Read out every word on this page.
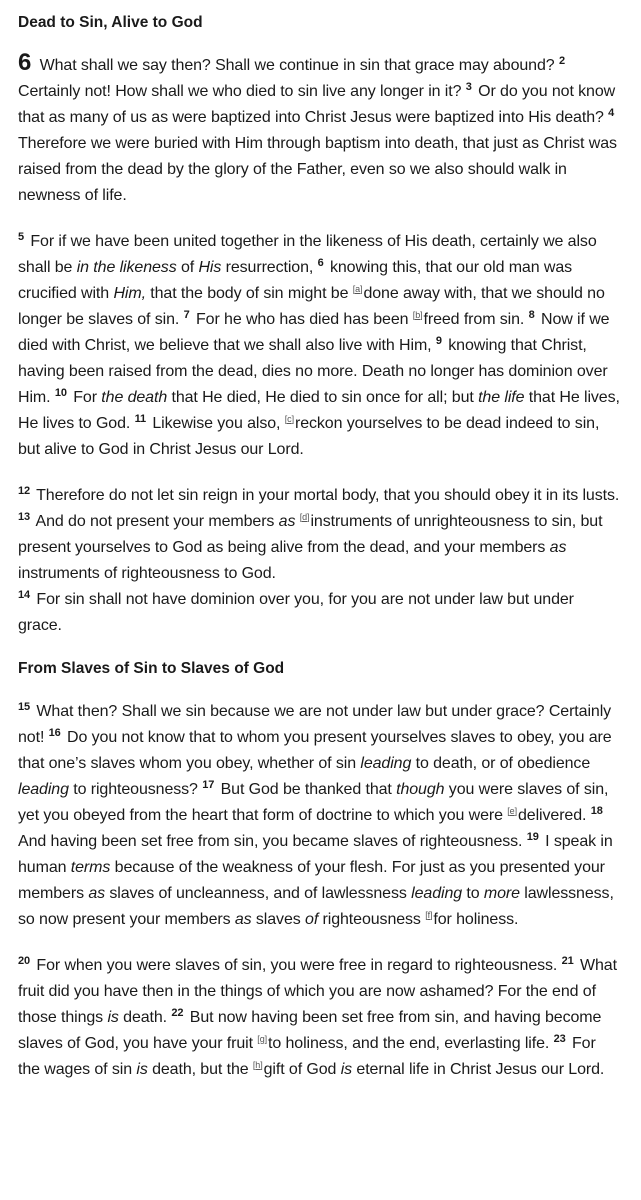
Dead to Sin, Alive to God

6 What shall we say then? Shall we continue in sin that grace may abound? $^2$ Certainly not! How shall we who died to sin live any longer in it? $^3$ Or do you not know that as many of us as were baptized into Christ Jesus were baptized into His death? $^4$ Therefore we were buried with Him through baptism into death, that just as Christ was raised from the dead by the glory of the Father, even so we also should walk in newness of life.

$^5$ For if we have been united together in the likeness of His death, certainly we also shall be in the likeness of His resurrection, $^6$ knowing this, that our old man was crucified with Him, that the body of sin might be [a]done away with, that we should no longer be slaves of sin. $^7$ For he who has died has been [b]freed from sin. $^8$ Now if we died with Christ, we believe that we shall also live with Him, $^9$ knowing that Christ, having been raised from the dead, dies no more. Death no longer has dominion over Him. $^{10}$ For the death that He died, He died to sin once for all; but the life that He lives, He lives to God. $^{11}$ Likewise you also, [c]reckon yourselves to be dead indeed to sin, but alive to God in Christ Jesus our Lord.

$^{12}$ Therefore do not let sin reign in your mortal body, that you should obey it in its lusts. $^{13}$ And do not present your members as [d]instruments of unrighteousness to sin, but present yourselves to God as being alive from the dead, and your members as instruments of righteousness to God.
$^{14}$ For sin shall not have dominion over you, for you are not under law but under grace.

From Slaves of Sin to Slaves of God

$^{15}$ What then? Shall we sin because we are not under law but under grace? Certainly not! $^{16}$ Do you not know that to whom you present yourselves slaves to obey, you are that one’s slaves whom you obey, whether of sin leading to death, or of obedience leading to righteousness? $^{17}$ But God be thanked that though you were slaves of sin, yet you obeyed from the heart that form of doctrine to which you were [e]delivered. $^{18}$ And having been set free from sin, you became slaves of righteousness. $^{19}$ I speak in human terms because of the weakness of your flesh. For just as you presented your members as slaves of uncleanness, and of lawlessness leading to more lawlessness, so now present your members as slaves of righteousness [f]for holiness.

$^{20}$ For when you were slaves of sin, you were free in regard to righteousness. $^{21}$ What fruit did you have then in the things of which you are now ashamed? For the end of those things is death. $^{22}$ But now having been set free from sin, and having become slaves of God, you have your fruit [g]to holiness, and the end, everlasting life. $^{23}$ For the wages of sin is death, but the [h]gift of God is eternal life in Christ Jesus our Lord.
